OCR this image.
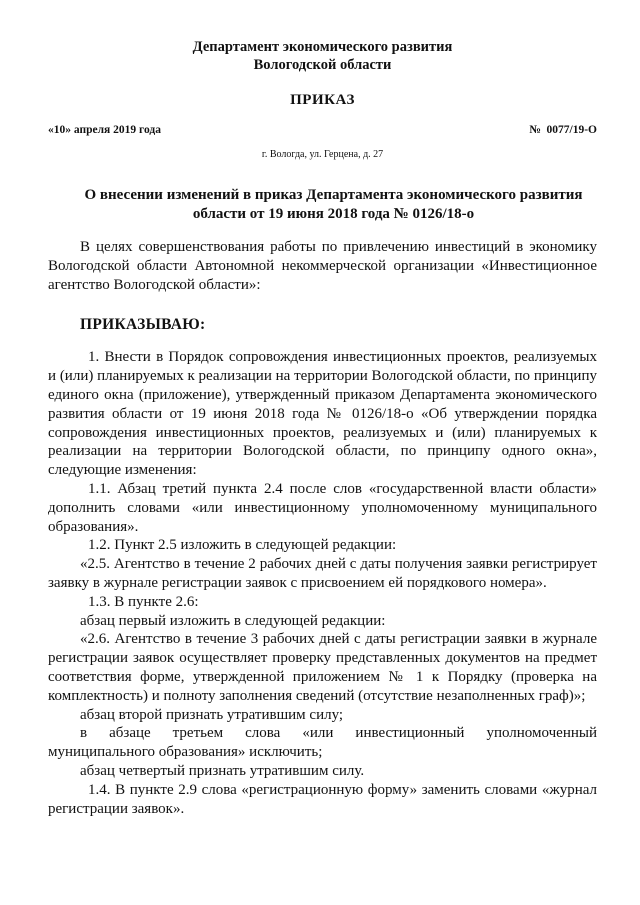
Департамент экономического развития
Вологодской области
ПРИКАЗ
«10» апреля 2019 года	№  0077/19-О
г. Вологда, ул. Герцена, д. 27
О внесении изменений в приказ Департамента экономического развития
области от 19 июня 2018 года № 0126/18-о
В целях совершенствования работы по привлечению инвестиций в экономику Вологодской области Автономной некоммерческой организации «Инвестиционное агентство Вологодской области»:
ПРИКАЗЫВАЮ:
1. Внести в Порядок сопровождения инвестиционных проектов, реализуемых и (или) планируемых к реализации на территории Вологодской области, по принципу единого окна (приложение), утвержденный приказом Департамента экономического развития области от 19 июня 2018 года № 0126/18-о «Об утверждении порядка сопровождения инвестиционных проектов, реализуемых и (или) планируемых к реализации на территории Вологодской области, по принципу одного окна», следующие изменения:
1.1. Абзац третий пункта 2.4 после слов «государственной власти области» дополнить словами «или инвестиционному уполномоченному муниципального образования».
1.2. Пункт 2.5 изложить в следующей редакции:
«2.5. Агентство в течение 2 рабочих дней с даты получения заявки регистрирует заявку в журнале регистрации заявок с присвоением ей порядкового номера».
1.3. В пункте 2.6:
абзац первый изложить в следующей редакции:
«2.6. Агентство в течение 3 рабочих дней с даты регистрации заявки в журнале регистрации заявок осуществляет проверку представленных документов на предмет соответствия форме, утвержденной приложением № 1 к Порядку (проверка на комплектность) и полноту заполнения сведений (отсутствие незаполненных граф)»;
абзац второй признать утратившим силу;
в абзаце третьем слова «или инвестиционный уполномоченный муниципального образования» исключить;
абзац четвертый признать утратившим силу.
1.4. В пункте 2.9 слова «регистрационную форму» заменить словами «журнал регистрации заявок».
